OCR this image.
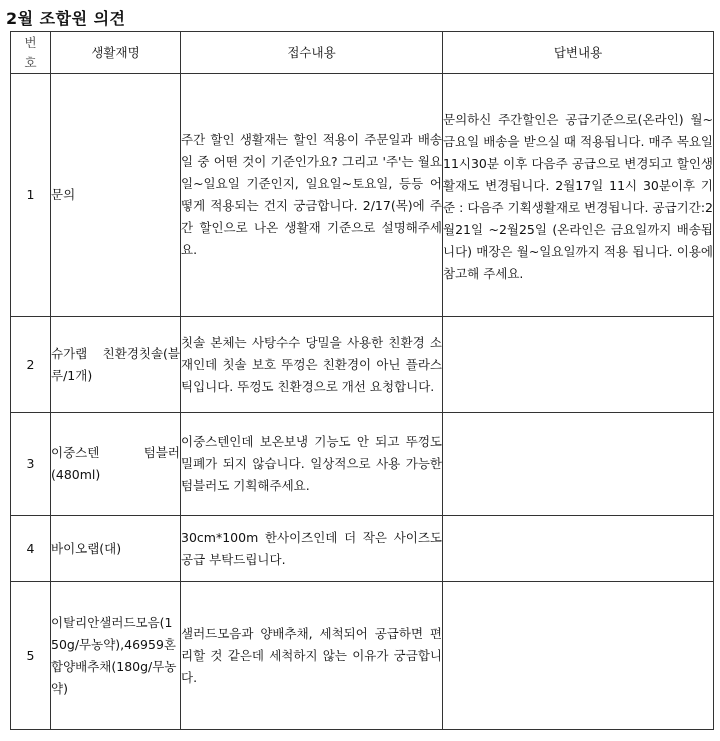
2월 조합원 의견
번
호	생활재명	접수내용	답변내용
1	문의	주간 할인 생활재는 할인 적용이 주문일과 배송일 중 어떤 것이 기준인가요? 그리고 '주'는 월요일~일요일 기준인지, 일요일~토요일, 등등 어떻게 적용되는 건지 궁금합니다. 2/17(목)에 주간 할인으로 나온 생활재 기준으로 설명해주세요.	문의하신 주간할인은 공급기준으로(온라인) 월~금요일 배송을 받으실 때 적용됩니다. 매주 목요일 11시30분 이후 다음주 공급으로 변경되고 할인생활재도 변경됩니다. 2월17일 11시 30분이후 기준 : 다음주 기획생활재로 변경됩니다. 공급기간:2월21일 ~2월25일 (온라인은 금요일까지 배송됩니다) 매장은 월~일요일까지 적용 됩니다. 이용에 참고해 주세요.
2	슈가랩 친환경칫솔(블루/1개)	칫솔 본체는 사탕수수 당밀을 사용한 친환경 소재인데 칫솔 보호 뚜껑은 친환경이 아닌 플라스틱입니다. 뚜껑도 친환경으로 개선 요청합니다.	
3	이중스텐 텀블러(480ml)	이중스텐인데 보온보냉 기능도 안 되고 뚜껑도 밀폐가 되지 않습니다. 일상적으로 사용 가능한 텀블러도 기획해주세요.	
4	바이오랩(대)	30cm*100m 한사이즈인데 더 작은 사이즈도 공급 부탁드립니다.	
5	이탈리안샐러드모음(150g/무농약),46959혼합양배추채(180g/무농약)	샐러드모음과 양배추채, 세척되어 공급하면 편리할 것 같은데 세척하지 않는 이유가 궁금합니다.	
